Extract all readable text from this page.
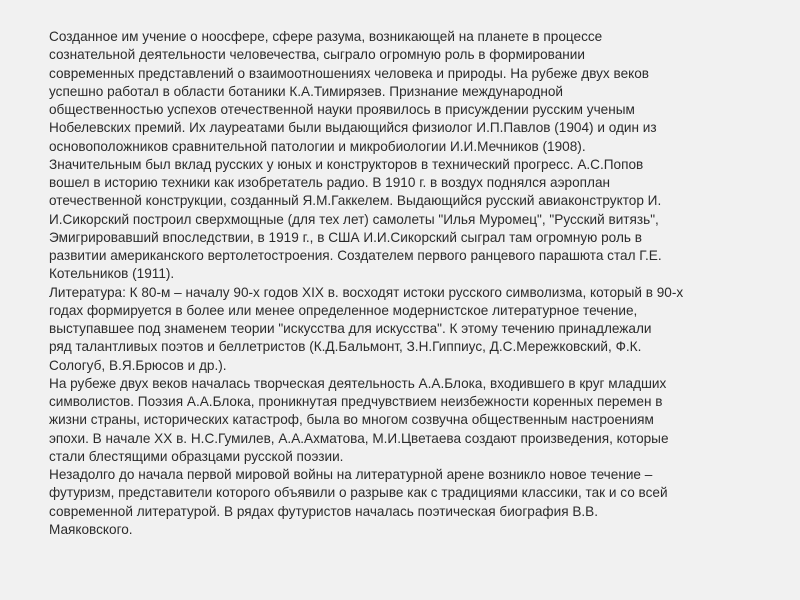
Созданное им учение о ноосфере, сфере разума, возникающей на планете в процессе
сознательной деятельности человечества, сыграло огромную роль в формировании
современных представлений о взаимоотношениях человека и природы. На рубеже двух веков
успешно работал в области ботаники К.А.Тимирязев. Признание международной
общественностью успехов отечественной науки проявилось в присуждении русским ученым
Нобелевских премий. Их лауреатами были выдающийся физиолог И.П.Павлов (1904) и один из
основоположников сравнительной патологии и микробиологии И.И.Мечников (1908).
Значительным был вклад русских у юных и конструкторов в технический прогресс. А.С.Попов
вошел в историю техники как изобретатель радио. В 1910 г. в воздух поднялся аэроплан
отечественной конструкции, созданный Я.М.Гаккелем. Выдающийся русский авиаконструктор И.
И.Сикорский построил сверхмощные (для тех лет) самолеты "Илья Муромец", "Русский витязь",
Эмигрировавший впоследствии, в 1919 г., в США И.И.Сикорский сыграл там огромную роль в
развитии американского вертолетостроения. Создателем первого ранцевого парашюта стал Г.Е.
Котельников (1911).
Литература: К 80-м – началу 90-х годов XIX в. восходят истоки русского символизма, который в 90-х
годах формируется в более или менее определенное модернистское литературное течение,
выступавшее под знаменем теории "искусства для искусства". К этому течению принадлежали
ряд талантливых поэтов и беллетристов (К.Д.Бальмонт, З.Н.Гиппиус, Д.С.Мережковский, Ф.К.
Сологуб, В.Я.Брюсов и др.).
На рубеже двух веков началась творческая деятельность А.А.Блока, входившего в круг младших
символистов. Поэзия А.А.Блока, проникнутая предчувствием неизбежности коренных перемен в
жизни страны, исторических катастроф, была во многом созвучна общественным настроениям
эпохи. В начале XX в. Н.С.Гумилев, А.А.Ахматова, М.И.Цветаева создают произведения, которые
стали блестящими образцами русской поэзии.
Незадолго до начала первой мировой войны на литературной арене возникло новое течение –
футуризм, представители которого объявили о разрыве как с традициями классики, так и со всей
современной литературой. В рядах футуристов началась поэтическая биография В.В.
Маяковского.
